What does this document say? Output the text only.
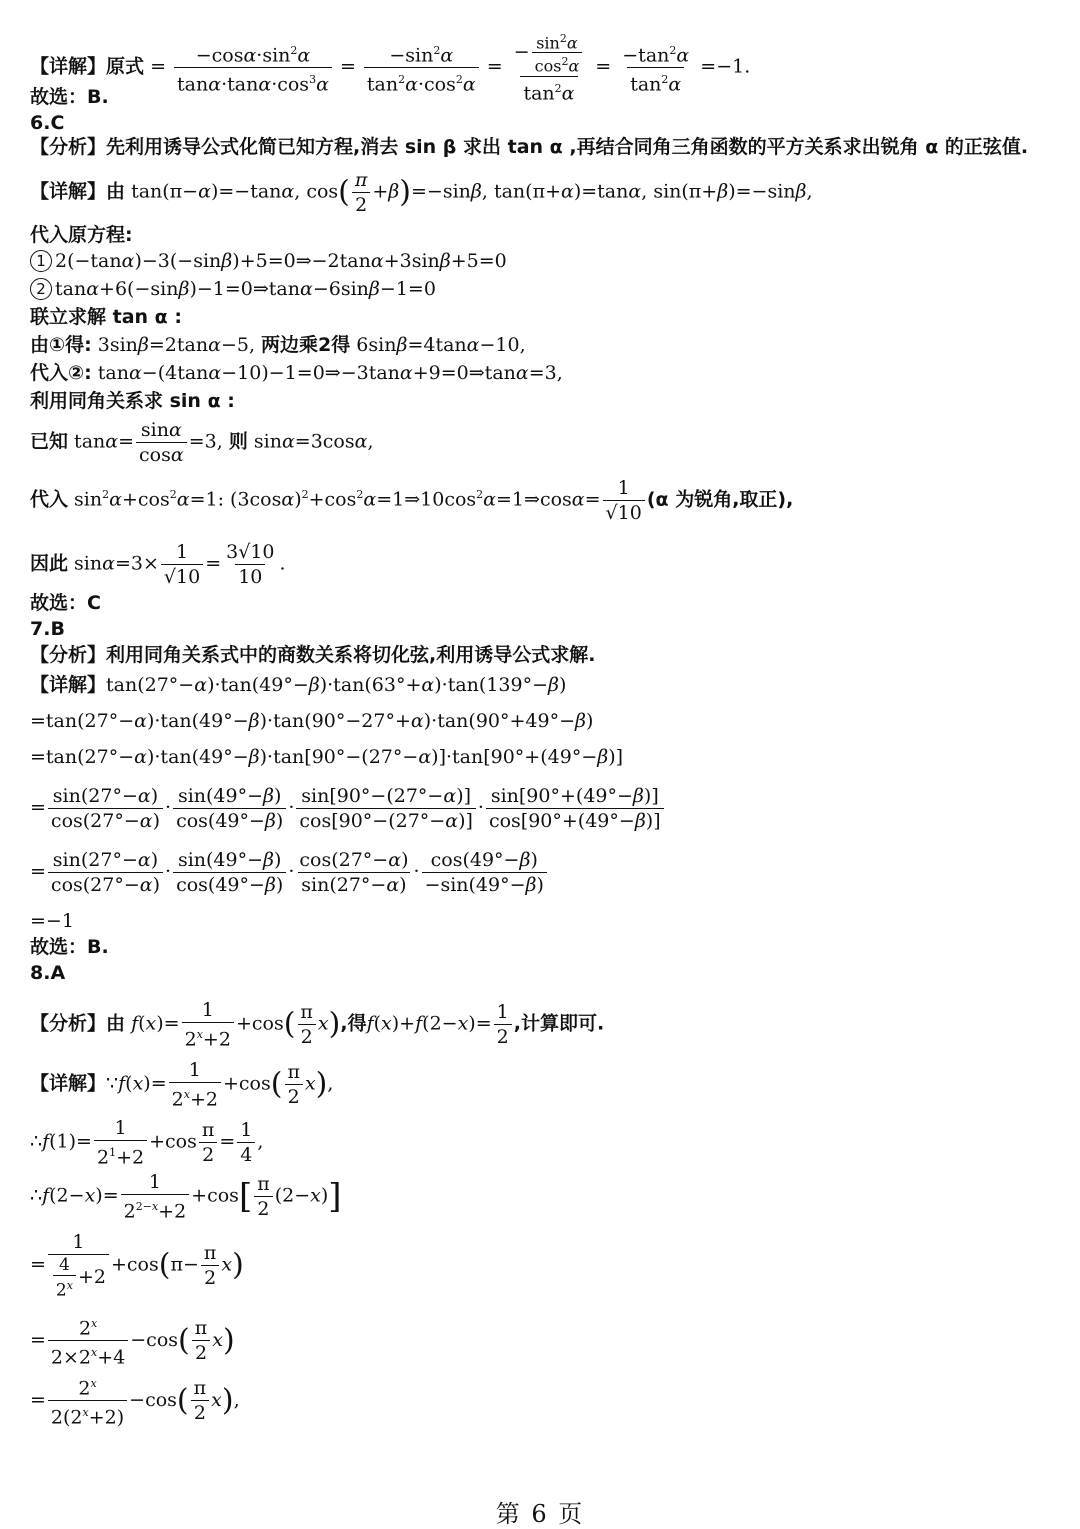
【详解】原式 = $\frac{-\cos\alpha\cdot\sin^2\alpha}{\tan\alpha\cdot\tan\alpha\cdot\cos^3\alpha} = \frac{-\sin^2\alpha}{\tan^2\alpha\cdot\cos^2\alpha} = \frac{- \frac{\sin^2\alpha}{\cos^2\alpha}}{\tan^2\alpha} = \frac{-\tan^2\alpha}{\tan^2\alpha} =-1$.
故选：B.
6.C
【分析】先利用诱导公式化简已知方程,消去 sin β 求出 tan α ,再结合同角三角函数的平方关系求出锐角 α 的正弦值.
【详解】由 tan(π−α)=−tanα, $\cos( \frac{\pi}{2} +\beta)=-\sin\beta$, tan(π+α)=tanα, sin(π+β)=−sinβ,
代入原方程:
1 2(−tanα)−3(−sinβ)+5=0⇒−2tanα+3sinβ+5=0
2 tanα+6(−sinβ)−1=0⇒tanα−6sinβ−1=0
联立求解 tan α :
由①得: 3sinβ=2tanα−5, 两边乘2得 6sinβ=4tanα−10,
代入②: tanα−(4tanα−10)−1=0⇒−3tanα+9=0⇒tanα=3,
利用同角关系求 sin α :
已知 $\tan\alpha= \frac{\sin\alpha}{\cos\alpha} =3$, 则 sinα=3cosα,
代入 $\sin^2\alpha+\cos^2\alpha=1$: $(3\cos\alpha)^2+\cos^2\alpha=1\Rightarrow 10\cos^2\alpha=1\Rightarrow\cos\alpha= \frac{1}{√10} (\alpha$ 为锐角,取正),
因此 $\sin\alpha=3\times \frac{1}{√10} = \frac{3√10}{10}$ .
故选：C
7.B
【分析】利用同角关系式中的商数关系将切化弦,利用诱导公式求解.
【详解】tan(27°−α)·tan(49°−β)·tan(63°+α)·tan(139°−β)
=tan(27°−α)·tan(49°−β)·tan(90°−27°+α)·tan(90°+49°−β)
=tan(27°−α)·tan(49°−β)·tan[90°−(27°−α)]·tan[90°+(49°−β)]
= $\frac{\sin(27^\circ-\alpha)}{\cos(27^\circ-\alpha)} \cdot \frac{\sin(49^\circ-\beta)}{\cos(49^\circ-\beta)} \cdot \frac{\sin[90^\circ-(27^\circ-\alpha)]}{\cos[90^\circ-(27^\circ-\alpha)]} \cdot \frac{\sin[90^\circ+(49^\circ-\beta)]}{\cos[90^\circ+(49^\circ-\beta)]}$
= $\frac{\sin(27^\circ-\alpha)}{\cos(27^\circ-\alpha)} \cdot \frac{\sin(49^\circ-\beta)}{\cos(49^\circ-\beta)} \cdot \frac{\cos(27^\circ-\alpha)}{\sin(27^\circ-\alpha)} \cdot \frac{\cos(49^\circ-\beta)}{-\sin(49^\circ-\beta)}$
=−1
故选：B.
8.A
【分析】由 $f(x)= \frac{1}{2^x+2} +\cos( \frac{\pi}{2} x)$,得$f(x)+f(2-x)= \frac{1}{2}$ ,计算即可.
【详解】∵f(x)= $\frac{1}{2^x+2} +\cos( \frac{\pi}{2} x)$,
∴f(1)= $\frac{1}{2^1+2} +\cos \frac{\pi}{2} = \frac{1}{4}$ ,
∴f(2−x)= $\frac{1}{2^{2-x}+2} +\cos[ \frac{\pi}{2} (2-x)]$
= $\frac{1}{\frac{4}{2^x} +2} +\cos(\pi- \frac{\pi}{2} x)$
= $\frac{2^x}{2\times 2^x+4} -\cos( \frac{\pi}{2} x)$
= $\frac{2^x}{2(2^x+2)} -\cos( \frac{\pi}{2} x)$,
第 6 页
